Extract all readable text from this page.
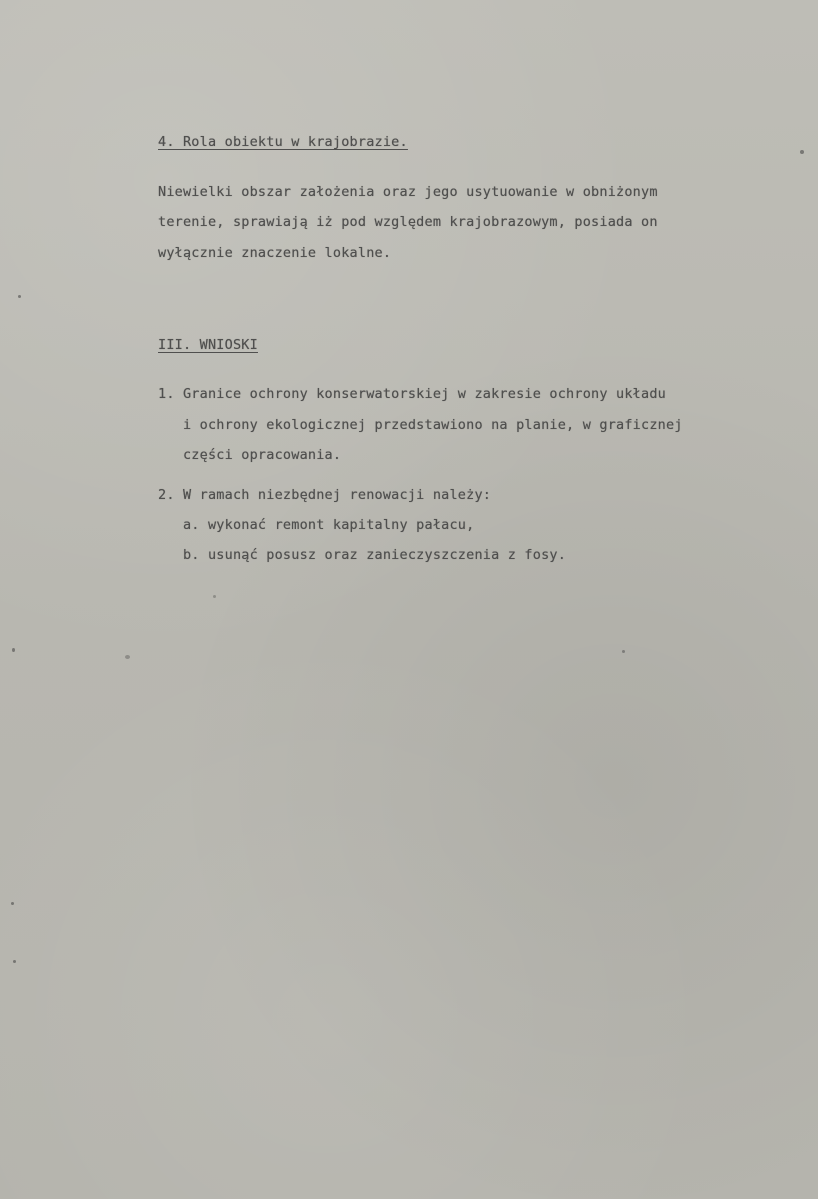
4. Rola obiektu w krajobrazie.
Niewielki obszar założenia oraz jego usytuowanie w obniżonym
terenie, sprawiają iż pod względem krajobrazowym, posiada on
wyłącznie znaczenie lokalne.
III. WNIOSKI
1. Granice ochrony konserwatorskiej w zakresie ochrony układu
i ochrony ekologicznej przedstawiono na planie, w graficznej
części opracowania.
2. W ramach niezbędnej renowacji należy:
a. wykonać remont kapitalny pałacu,
b. usunąć posusz oraz zanieczyszczenia z fosy.
